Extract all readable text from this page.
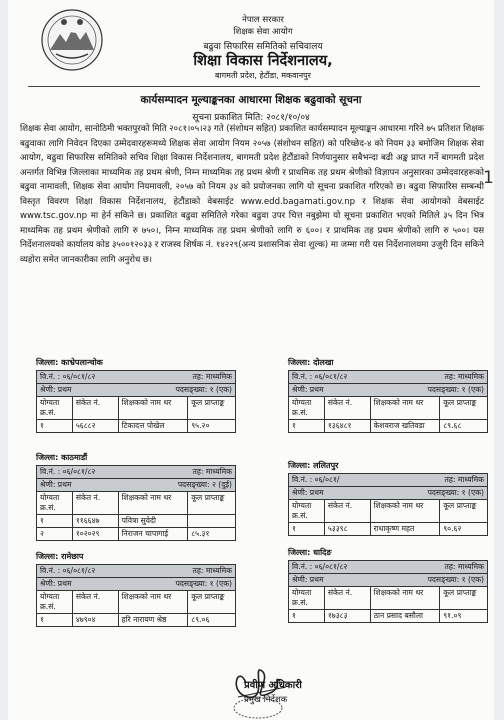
नेपाल सरकार
शिक्षक सेवा आयोग
बढुवा सिफारिस समितिको सचिवालय
शिक्षा विकास निर्देशनालय,
बागमती प्रदेश, हेटौंडा, मकवानपुर
कार्यसम्पादन मूल्याङ्कनका आधारमा शिक्षक बढुवाको सूचना
सूचना प्रकाशित मिति: २०८१/१०/०४
शिक्षक सेवा आयोग, सानोठिमी भक्तपुरको मिति २०८१।०५।२३ गते (संशोधन सहित) प्रकाशित कार्यसम्पादन मूल्याङ्कन आधारमा गरिने ७५ प्रतिशत शिक्षक बढुवाका लागि निवेदन दिएका उम्मेदवारहरूमध्ये शिक्षक सेवा आयोग नियम २०५७ (संशोधन सहित) को परिच्छेद-४ को नियम ३३ बमोजिम शिक्षक सेवा आयोग, बढुवा सिफारिस समितिको सचिव शिक्षा विकास निर्देशनालय, बागमती प्रदेश हेटौंडाको निर्णयानुसार सबैभन्दा बढी अङ्क प्राप्त गर्ने बागमती प्रदेश अन्तर्गत विभिन्न जिल्लाका माध्यमिक तह प्रथम श्रेणी, निम्न माध्यमिक तह प्रथम श्रेणी र प्राथमिक तह प्रथम श्रेणीको विज्ञापन अनुसारका उम्मेदवारहरूको बढुवा नामावली, शिक्षक सेवा आयोग नियमावली, २०५७ को नियम ३४ को प्रयोजनका लागि यो सूचना प्रकाशित गरिएको छ। बढुवा सिफारिस सम्बन्धी विस्तृत विवरण शिक्षा विकास निर्देशनालय, हेटौंडाको वेबसाईट www.edd.bagamati.gov.np र शिक्षक सेवा आयोगको वेबसाईट www.tsc.gov.np मा हेर्न सकिने छ। प्रकाशित बढुवा समितिले गरेका बढुवा उपर चित्त नबुझेमा यो सूचना प्रकाशित भएको मितिले ३५ दिन भित्र माध्यमिक तह प्रथम श्रेणीको लागि रु ७५०।, निम्न माध्यमिक तह प्रथम श्रेणीको लागि रु ६००। र प्राथमिक तह प्रथम श्रेणीको लागि रु ५००। यस निर्देशनालयको कार्यालय कोड ३५००१२०३३ र राजस्व शिर्षक नं. १४२२९(अन्य प्रशासनिक सेवा शुल्क) मा जम्मा गरी यस निर्देशनालयमा उजुरी दिन सकिने व्यहोरा समेत जानकारीका लागि अनुरोध छ।
जिल्ला: काभ्रेपलान्चोक
वि.नं. : ०६/०८१/८२ तह: माध्यमिक			

श्रेणी: प्रथम पदसङ्ख्या: १ (एक)			

योग्यता क्र.सं.	संकेत नं.	शिक्षकको नाम थर	कूल प्राप्ताङ्क
१	५६८८२	टिकादत्त पोखेल	९५.२०
जिल्ला: काठमाडौं
वि.नं. : ०६/०८१/८२ तह: माध्यमिक			

श्रेणी: प्रथम पदसङ्ख्या: २ (दुई)			

योग्यता क्र.सं.	संकेत नं.	शिक्षकको नाम थर	कूल प्राप्ताङ्क
१	११६६४७	पवित्रा सुवेदी	
२	१०२०२९	निराजन चापागाई	८५.३१
जिल्ला: रामेछाप
वि.नं. : ०६/०८१/८२ तह: माध्यमिक			

श्रेणी: प्रथम पदसङ्ख्या: १ (एक)			

योग्यता क्र.सं.	संकेत नं.	शिक्षकको नाम थर	कूल प्राप्ताङ्क
१	४७९०४	हरि नारायण श्रेष्ठ	८९.०६
जिल्ला: दोलखा
वि.नं. : ०६/०८१/८२ तह: माध्यमिक			

श्रेणी: प्रथम पदसङ्ख्या: १ (एक)			

योग्यता क्र.सं.	संकेत नं.	शिक्षकको नाम थर	कूल प्राप्ताङ्क
१	१३६४८१	केशवराज खतिवडा	८९.६८
जिल्ला: ललितपुर
वि.नं. : ०६/०८१/ तह: माध्यमिक			

श्रेणी: प्रथम पदसङ्ख्या: १ (एक)			

योग्यता क्र.सं.	संकेत नं.	शिक्षकको नाम थर	कूल प्राप्ताङ्क
१	५३३९८	राधाकृष्ण महत	९०.६२
जिल्ला: धादिङ
वि.नं. : ०६/०८१/८२ तह: माध्यमिक			

श्रेणी: प्रथम पदसङ्ख्या: १ (एक)			

योग्यता क्र.सं.	संकेत नं.	शिक्षकको नाम थर	कूल प्राप्ताङ्क
१	१७३८३	ठान प्रसाद बसौला	९१.०९
प्रवीण अधिकारी
प्रमुख निर्देशक
1
